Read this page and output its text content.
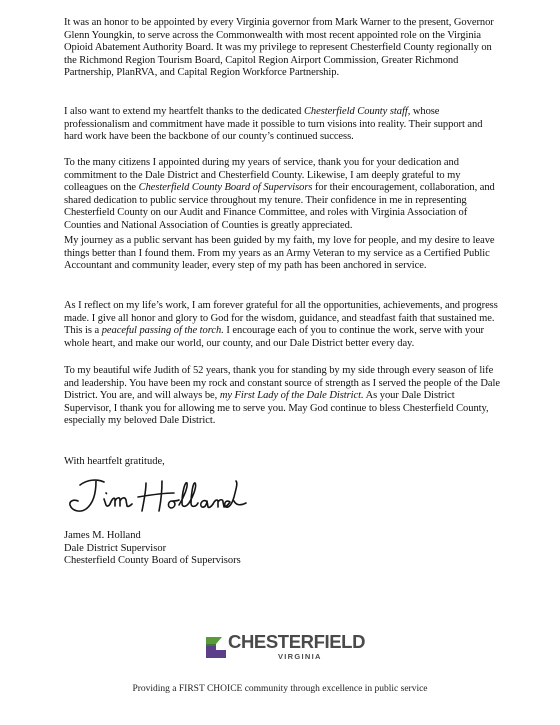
It was an honor to be appointed by every Virginia governor from Mark Warner to the present, Governor Glenn Youngkin, to serve across the Commonwealth with most recent appointed role on the Virginia Opioid Abatement Authority Board. It was my privilege to represent Chesterfield County regionally on the Richmond Region Tourism Board, Capitol Region Airport Commission, Greater Richmond Partnership, PlanRVA, and Capital Region Workforce Partnership.

I also want to extend my heartfelt thanks to the dedicated Chesterfield County staff, whose professionalism and commitment have made it possible to turn visions into reality. Their support and hard work have been the backbone of our county’s continued success.

To the many citizens I appointed during my years of service, thank you for your dedication and commitment to the Dale District and Chesterfield County. Likewise, I am deeply grateful to my colleagues on the Chesterfield County Board of Supervisors for their encouragement, collaboration, and shared dedication to public service throughout my tenure. Their confidence in me in representing Chesterfield County on our Audit and Finance Committee, and roles with Virginia Association of Counties and National Association of Counties is greatly appreciated.

My journey as a public servant has been guided by my faith, my love for people, and my desire to leave things better than I found them. From my years as an Army Veteran to my service as a Certified Public Accountant and community leader, every step of my path has been anchored in service.

As I reflect on my life’s work, I am forever grateful for all the opportunities, achievements, and progress made. I give all honor and glory to God for the wisdom, guidance, and steadfast faith that sustained me. This is a peaceful passing of the torch. I encourage each of you to continue the work, serve with your whole heart, and make our world, our county, and our Dale District better every day.

To my beautiful wife Judith of 52 years, thank you for standing by my side through every season of life and leadership. You have been my rock and constant source of strength as I served the people of the Dale District. You are, and will always be, my First Lady of the Dale District. As your Dale District Supervisor, I thank you for allowing me to serve you. May God continue to bless Chesterfield County, especially my beloved Dale District.

With heartfelt gratitude,

James M. Holland
Dale District Supervisor
Chesterfield County Board of Supervisors
CHESTERFIELD
VIRGINIA
Providing a FIRST CHOICE community through excellence in public service
